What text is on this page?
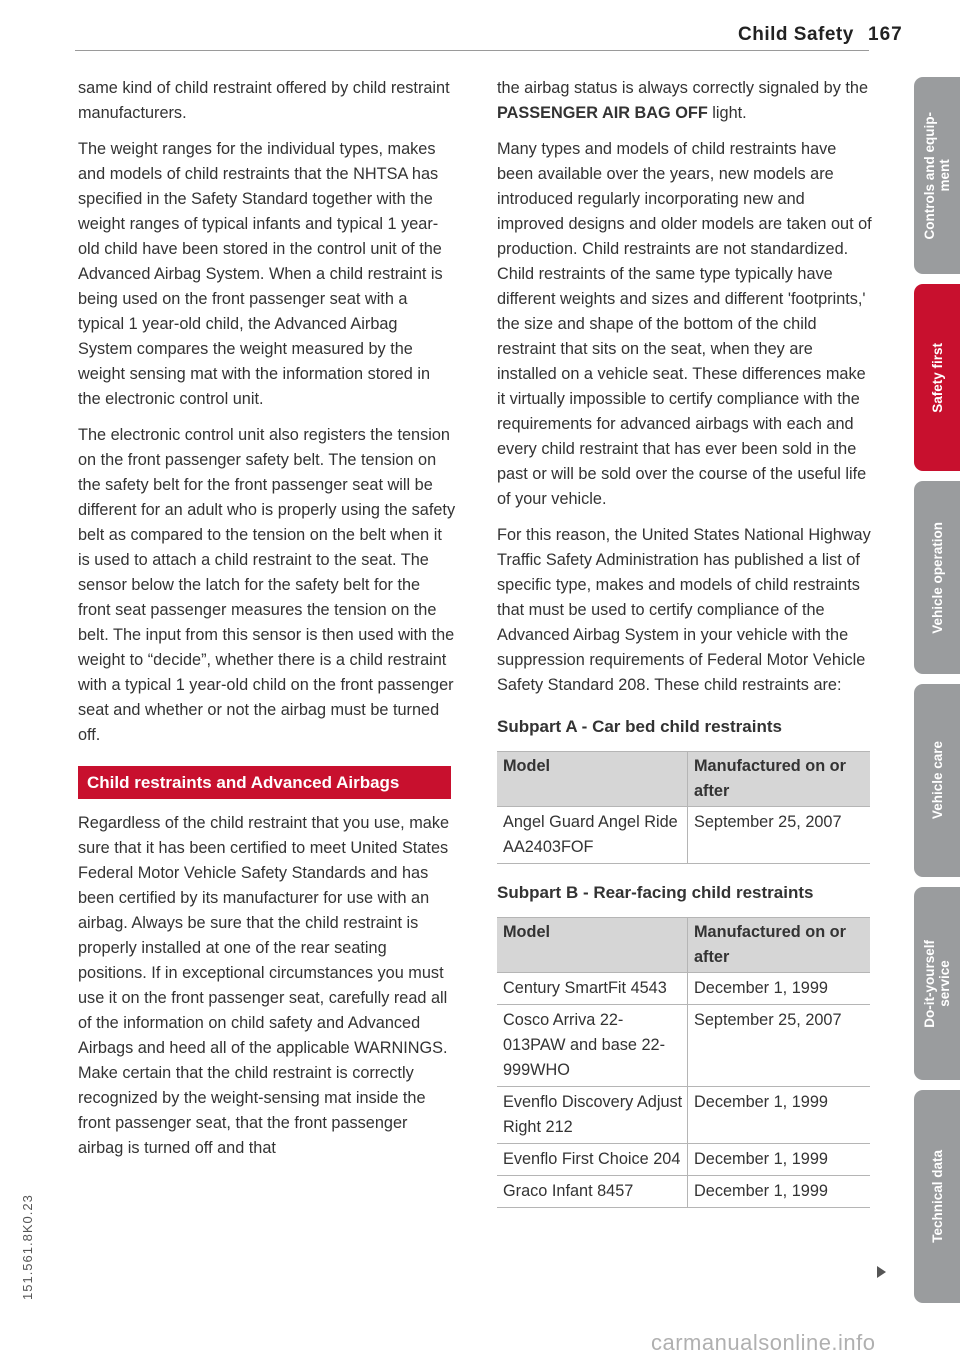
Child Safety 167

same kind of child restraint offered by child restraint manufacturers.

The weight ranges for the individual types, makes and models of child restraints that the NHTSA has specified in the Safety Standard together with the weight ranges of typical infants and typical 1 year-old child have been stored in the control unit of the Advanced Airbag System. When a child restraint is being used on the front passenger seat with a typical 1 year-old child, the Advanced Airbag System compares the weight measured by the weight sensing mat with the information stored in the electronic control unit.

The electronic control unit also registers the tension on the front passenger safety belt. The tension on the safety belt for the front passenger seat will be different for an adult who is properly using the safety belt as compared to the tension on the belt when it is used to attach a child restraint to the seat. The sensor below the latch for the safety belt for the front seat passenger measures the tension on the belt. The input from this sensor is then used with the weight to “decide”, whether there is a child restraint with a typical 1 year-old child on the front passenger seat and whether or not the airbag must be turned off.

Child restraints and Advanced Airbags

Regardless of the child restraint that you use, make sure that it has been certified to meet United States Federal Motor Vehicle Safety Standards and has been certified by its manufacturer for use with an airbag. Always be sure that the child restraint is properly installed at one of the rear seating positions. If in exceptional circumstances you must use it on the front passenger seat, carefully read all of the information on child safety and Advanced Airbags and heed all of the applicable WARNINGS. Make certain that the child restraint is correctly recognized by the weight-sensing mat inside the front passenger seat, that the front passenger airbag is turned off and that

the airbag status is always correctly signaled by the PASSENGER AIR BAG OFF light.

Many types and models of child restraints have been available over the years, new models are introduced regularly incorporating new and improved designs and older models are taken out of production. Child restraints are not standardized. Child restraints of the same type typically have different weights and sizes and different 'footprints,' the size and shape of the bottom of the child restraint that sits on the seat, when they are installed on a vehicle seat. These differences make it virtually impossible to certify compliance with the requirements for advanced airbags with each and every child restraint that has ever been sold in the past or will be sold over the course of the useful life of your vehicle.

For this reason, the United States National Highway Traffic Safety Administration has published a list of specific type, makes and models of child restraints that must be used to certify compliance of the Advanced Airbag System in your vehicle with the suppression requirements of Federal Motor Vehicle Safety Standard 208. These child restraints are:

Subpart A - Car bed child restraints
Model	Manufactured on or after
Angel Guard Angel Ride AA2403FOF	September 25, 2007
Subpart B - Rear-facing child restraints
Model	Manufactured on or after
Century SmartFit 4543	December 1, 1999
Cosco Arriva 22-013PAW and base 22-999WHO	September 25, 2007
Evenflo Discovery Adjust Right 212	December 1, 1999
Evenflo First Choice 204	December 1, 1999
Graco Infant 8457	December 1, 1999
Controls and equip-
ment
Safety first
Vehicle operation
Vehicle care
Do-it-yourself
service
Technical data
151.561.8K0.23
carmanualsonline.info
